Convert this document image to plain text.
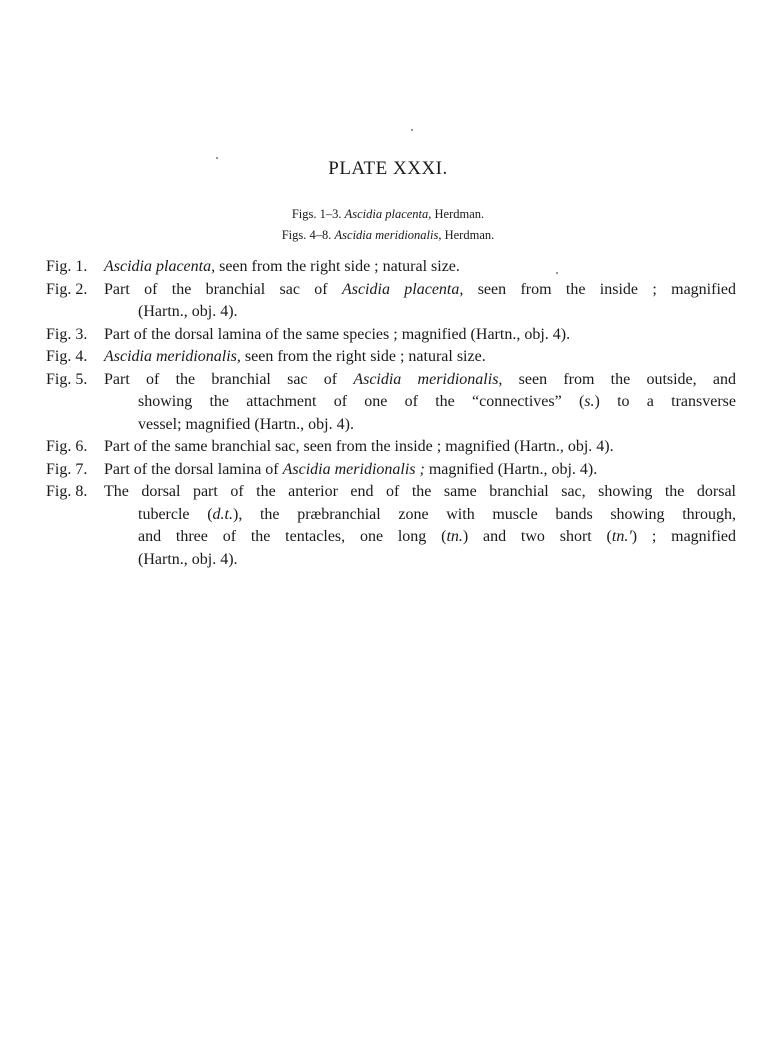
PLATE XXXI.
Figs. 1–3. Ascidia placenta, Herdman.
Figs. 4–8. Ascidia meridionalis, Herdman.
Fig. 1.	Ascidia placenta, seen from the right side ; natural size.
Fig. 2.	Part of the branchial sac of Ascidia placenta, seen from the inside ; magnified
(Hartn., obj. 4).
Fig. 3.	Part of the dorsal lamina of the same species ; magnified (Hartn., obj. 4).
Fig. 4.	Ascidia meridionalis, seen from the right side ; natural size.
Fig. 5.	Part of the branchial sac of Ascidia meridionalis, seen from the outside, and
showing the attachment of one of the “connectives” (s.) to a transverse
vessel; magnified (Hartn., obj. 4).
Fig. 6.	Part of the same branchial sac, seen from the inside ; magnified (Hartn., obj. 4).
Fig. 7.	Part of the dorsal lamina of Ascidia meridionalis ; magnified (Hartn., obj. 4).
Fig. 8.	The dorsal part of the anterior end of the same branchial sac, showing the dorsal
tubercle (d.t.), the præbranchial zone with muscle bands showing through,
and three of the tentacles, one long (tn.) and two short (tn.') ; magnified
(Hartn., obj. 4).
